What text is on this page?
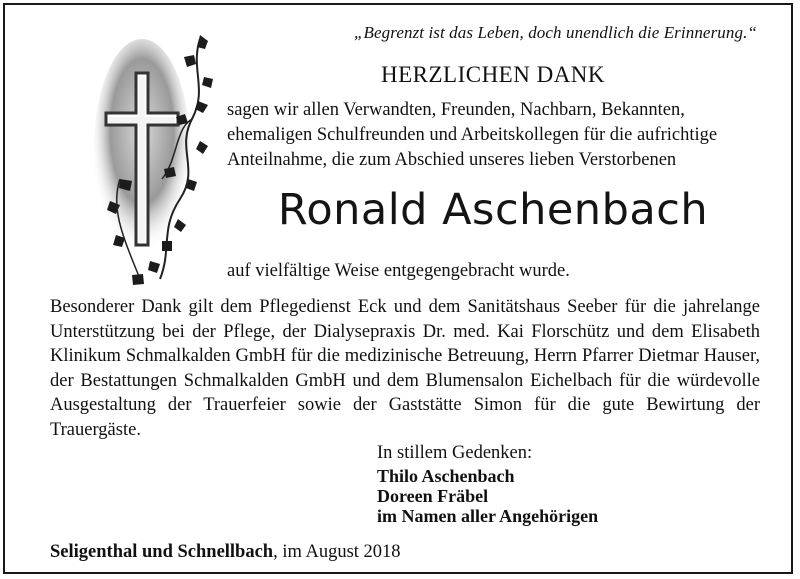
„Begrenzt ist das Leben, doch unendlich die Erinnerung.“
HERZLICHEN DANK

sagen wir allen Verwandten, Freunden, Nachbarn, Bekannten,

ehemaligen Schulfreunden und Arbeitskollegen für die aufrichtige

Anteilnahme, die zum Abschied unseres lieben Verstorbenen

Ronald Aschenbach
auf vielfältige Weise entgegengebracht wurde.

Besonderer Dank gilt dem Pflegedienst Eck und dem Sanitätshaus Seeber für die jahrelange Unterstützung bei der Pflege, der Dialysepraxis Dr. med. Kai Florschütz und dem Elisabeth Klinikum Schmalkalden GmbH für die medizinische Betreuung, Herrn Pfarrer Dietmar Hauser, der Bestattungen Schmalkalden GmbH und dem Blumensalon Eichelbach für die würdevolle Ausgestaltung der Trauerfeier sowie der Gaststätte Simon für die gute Bewirtung der Trauergäste.

In stillem Gedenken:
Thilo Aschenbach
Doreen Fräbel
im Namen aller Angehörigen
Seligenthal und Schnellbach, im August 2018
